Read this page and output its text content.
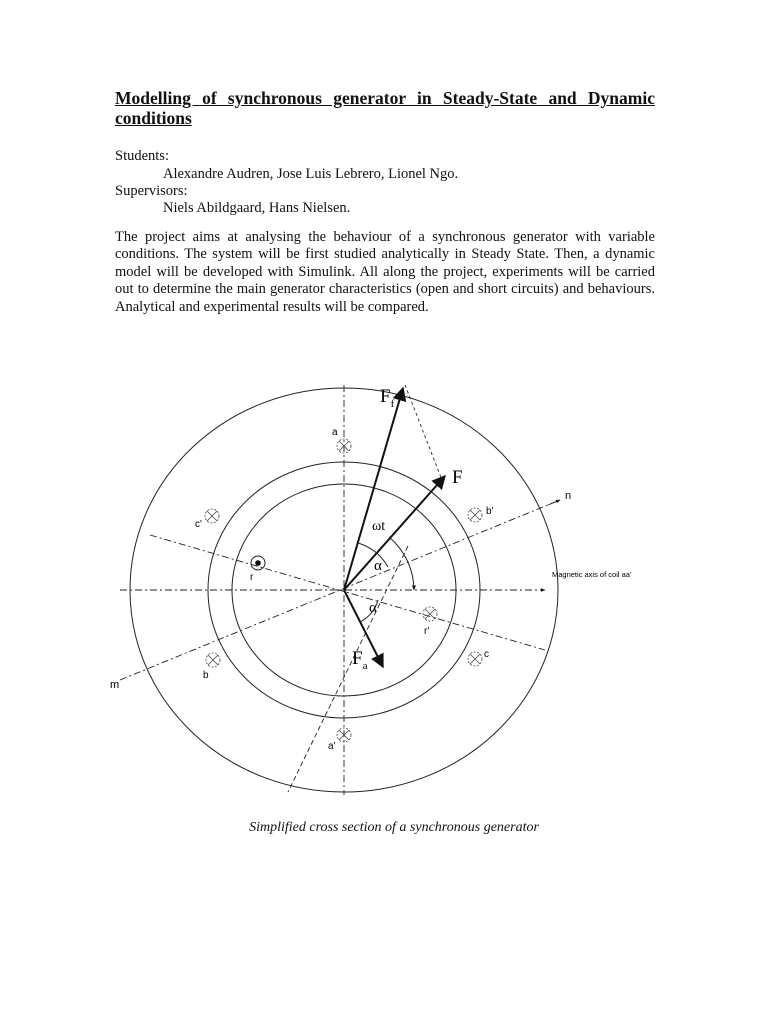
Modelling of synchronous generator in Steady-State and Dynamic conditions
Students:
Alexandre Audren, Jose Luis Lebrero, Lionel Ngo.
Supervisors:
Niels Abildgaard, Hans Nielsen.
The project aims at analysing the behaviour of a synchronous generator with variable conditions. The system will be first studied analytically in Steady State. Then, a dynamic model will be developed with Simulink. All along the project, experiments will be carried out to determine the main generator characteristics (open and short circuits) and behaviours. Analytical and experimental results will be compared.
$F_f$
F
$F_a$
ωt
α
α
n
m
Magnetic axis of coil aa'
a
a'
b'
c'
b
c
r
r'
Simplified cross section of a synchronous generator
